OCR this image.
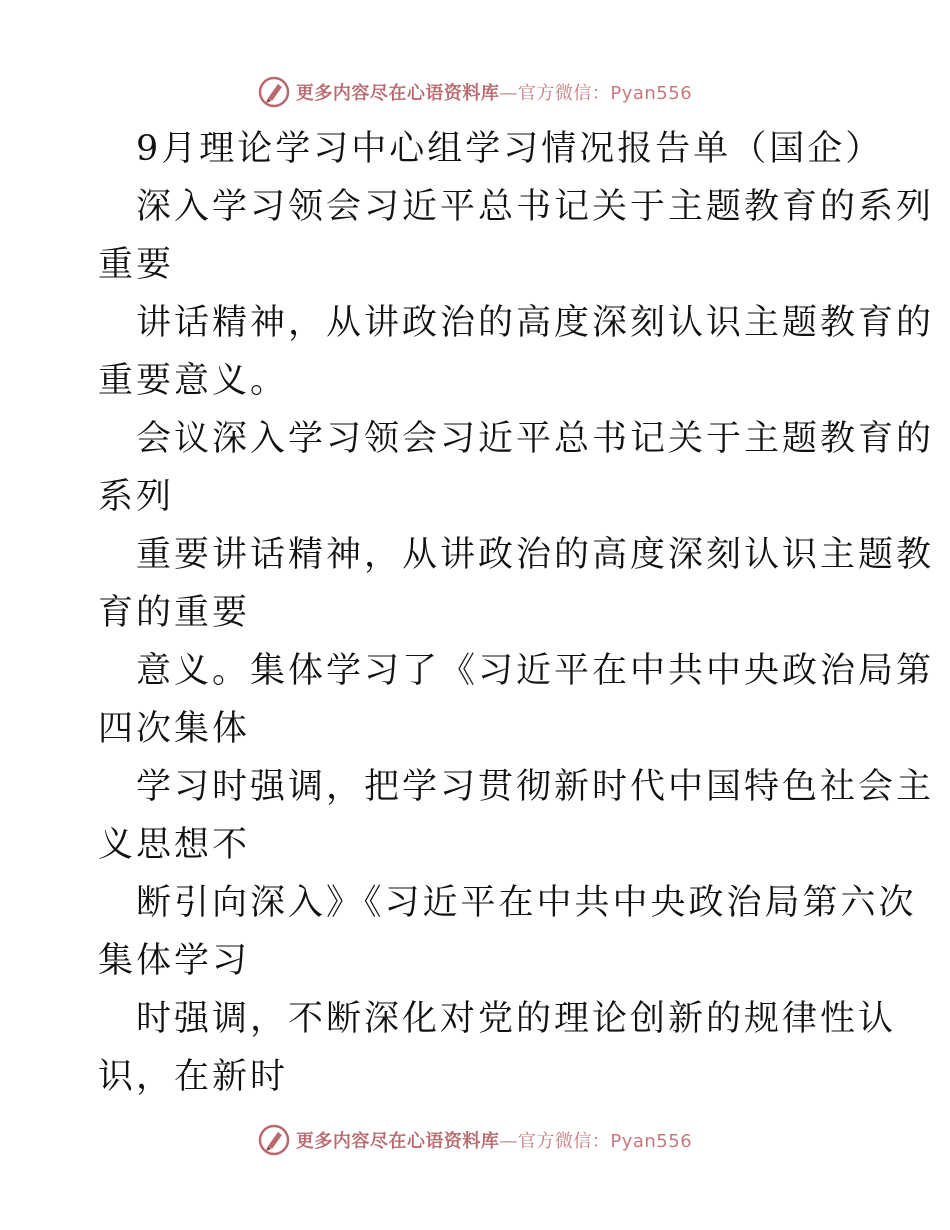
更多内容尽在心语资料库—官方微信：Pyan556
9月理论学习中心组学习情况报告单（国企）
深入学习领会习近平总书记关于主题教育的系列
重要
讲话精神，从讲政治的高度深刻认识主题教育的
重要意义。
会议深入学习领会习近平总书记关于主题教育的
系列
重要讲话精神，从讲政治的高度深刻认识主题教
育的重要
意义。集体学习了《习近平在中共中央政治局第
四次集体
学习时强调，把学习贯彻新时代中国特色社会主
义思想不
断引向深入》《习近平在中共中央政治局第六次
集体学习
时强调，不断深化对党的理论创新的规律性认
识，在新时
更多内容尽在心语资料库—官方微信：Pyan556
